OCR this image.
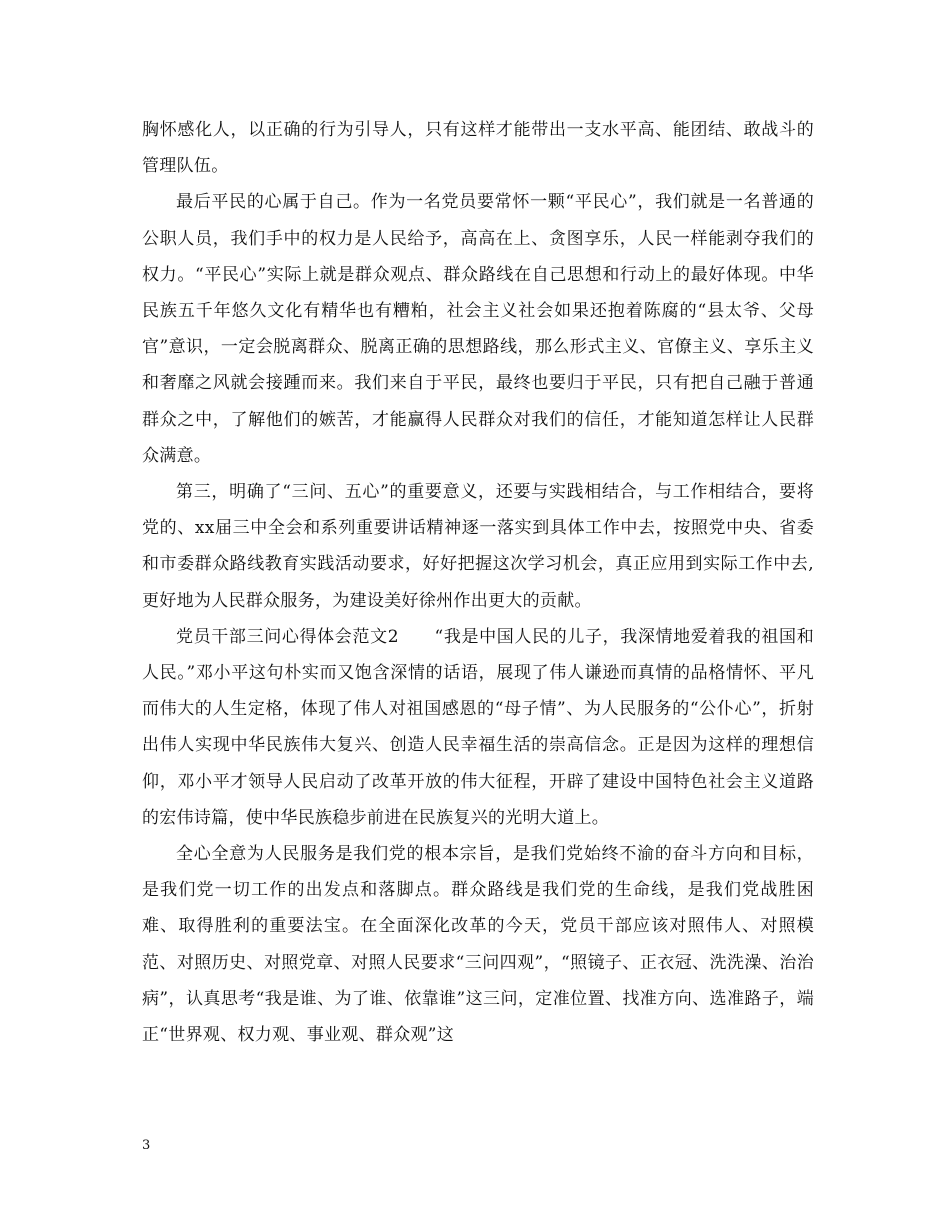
胸怀感化人，以正确的行为引导人，只有这样才能带出一支水平高、能团结、敢战斗的管理队伍。

最后平民的心属于自己。作为一名党员要常怀一颗“平民心”，我们就是一名普通的公职人员，我们手中的权力是人民给予，高高在上、贪图享乐，人民一样能剥夺我们的权力。“平民心”实际上就是群众观点、群众路线在自己思想和行动上的最好体现。中华民族五千年悠久文化有精华也有糟粕，社会主义社会如果还抱着陈腐的“县太爷、父母官”意识，一定会脱离群众、脱离正确的思想路线，那么形式主义、官僚主义、享乐主义和奢靡之风就会接踵而来。我们来自于平民，最终也要归于平民，只有把自己融于普通群众之中，了解他们的嫉苦，才能赢得人民群众对我们的信任，才能知道怎样让人民群众满意。

第三，明确了“三问、五心”的重要意义，还要与实践相结合，与工作相结合，要将党的、xx届三中全会和系列重要讲话精神逐一落实到具体工作中去，按照党中央、省委和市委群众路线教育实践活动要求，好好把握这次学习机会，真正应用到实际工作中去,更好地为人民群众服务，为建设美好徐州作出更大的贡献。

党员干部三问心得体会范文2　　“我是中国人民的儿子，我深情地爱着我的祖国和人民。”邓小平这句朴实而又饱含深情的话语，展现了伟人谦逊而真情的品格情怀、平凡而伟大的人生定格，体现了伟人对祖国感恩的“母子情”、为人民服务的“公仆心”，折射出伟人实现中华民族伟大复兴、创造人民幸福生活的崇高信念。正是因为这样的理想信仰，邓小平才领导人民启动了改革开放的伟大征程，开辟了建设中国特色社会主义道路的宏伟诗篇，使中华民族稳步前进在民族复兴的光明大道上。

全心全意为人民服务是我们党的根本宗旨，是我们党始终不渝的奋斗方向和目标，是我们党一切工作的出发点和落脚点。群众路线是我们党的生命线，是我们党战胜困难、取得胜利的重要法宝。在全面深化改革的今天，党员干部应该对照伟人、对照模范、对照历史、对照党章、对照人民要求“三问四观”，“照镜子、正衣冠、洗洗澡、治治病”，认真思考“我是谁、为了谁、依靠谁”这三问，定准位置、找准方向、选准路子，端正“世界观、权力观、事业观、群众观”这

3
